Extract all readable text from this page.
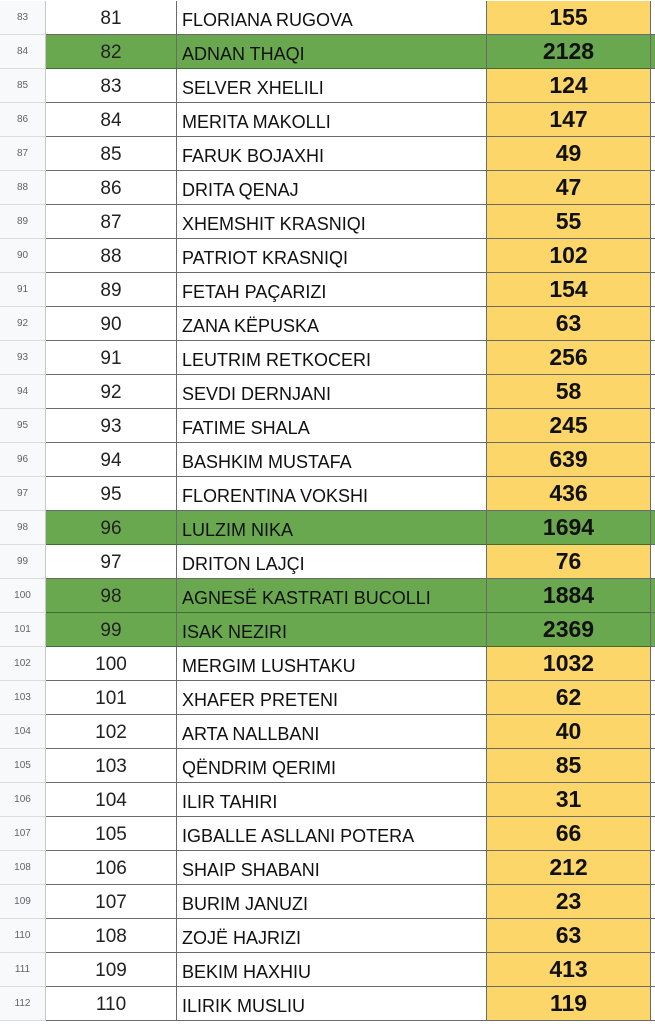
83	81	FLORIANA RUGOVA	155
84	82	ADNAN THAQI	2128
85	83	SELVER XHELILI	124
86	84	MERITA MAKOLLI	147
87	85	FARUK BOJAXHI	49
88	86	DRITA QENAJ	47
89	87	XHEMSHIT KRASNIQI	55
90	88	PATRIOT KRASNIQI	102
91	89	FETAH PAÇARIZI	154
92	90	ZANA KËPUSKA	63
93	91	LEUTRIM RETKOCERI	256
94	92	SEVDI DERNJANI	58
95	93	FATIME SHALA	245
96	94	BASHKIM MUSTAFA	639
97	95	FLORENTINA VOKSHI	436
98	96	LULZIM NIKA	1694
99	97	DRITON LAJÇI	76
100	98	AGNESË KASTRATI BUCOLLI	1884
101	99	ISAK NEZIRI	2369
102	100	MERGIM LUSHTAKU	1032
103	101	XHAFER PRETENI	62
104	102	ARTA NALLBANI	40
105	103	QËNDRIM QERIMI	85
106	104	ILIR TAHIRI	31
107	105	IGBALLE ASLLANI POTERA	66
108	106	SHAIP SHABANI	212
109	107	BURIM JANUZI	23
110	108	ZOJË HAJRIZI	63
111	109	BEKIM HAXHIU	413
112	110	ILIRIK MUSLIU	119
